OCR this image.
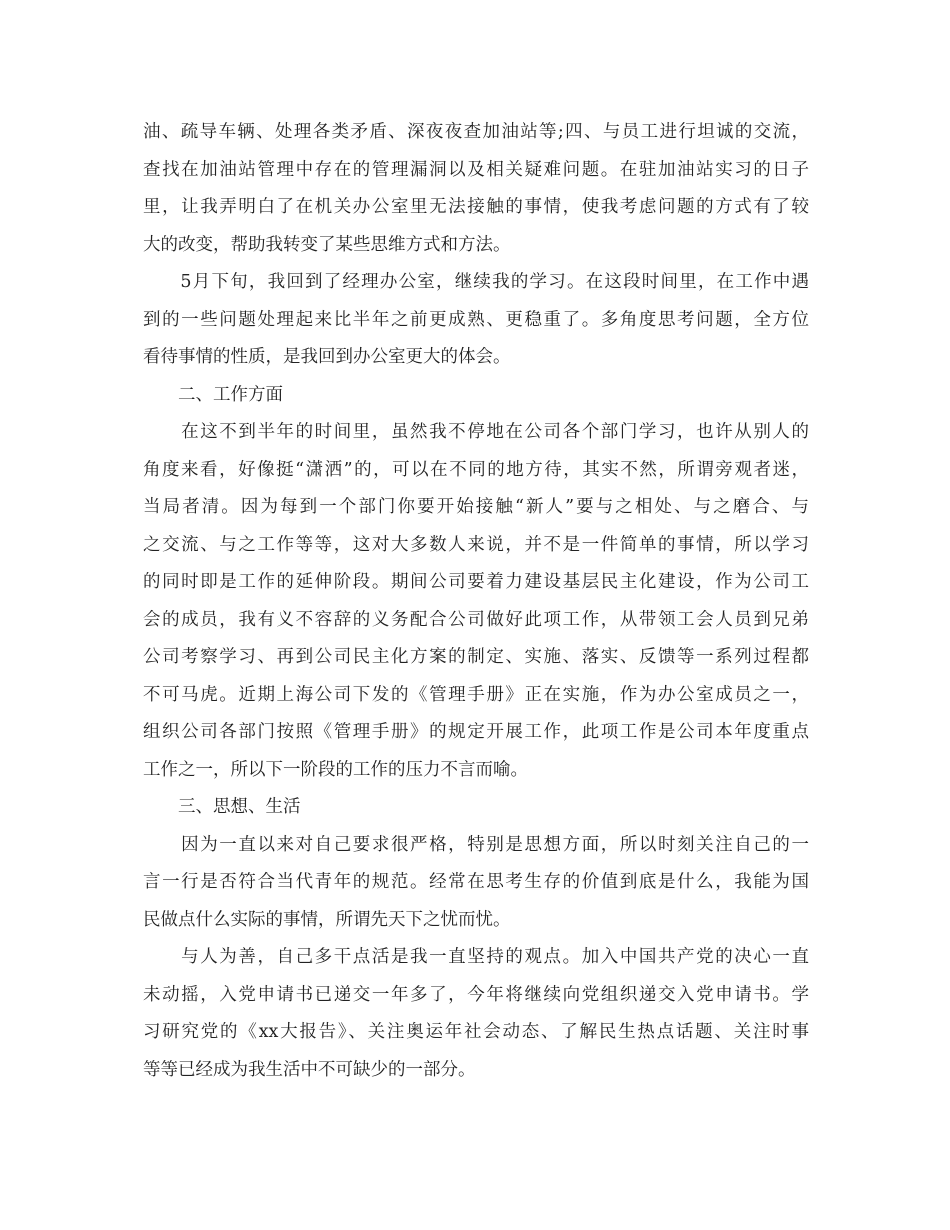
油、疏导车辆、处理各类矛盾、深夜夜查加油站等;四、与员工进行坦诚的交流，
查找在加油站管理中存在的管理漏洞以及相关疑难问题。在驻加油站实习的日子
里，让我弄明白了在机关办公室里无法接触的事情，使我考虑问题的方式有了较
大的改变，帮助我转变了某些思维方式和方法。
　　5月下旬，我回到了经理办公室，继续我的学习。在这段时间里，在工作中遇
到的一些问题处理起来比半年之前更成熟、更稳重了。多角度思考问题，全方位
看待事情的性质，是我回到办公室更大的体会。
　　二、工作方面
　　在这不到半年的时间里，虽然我不停地在公司各个部门学习，也许从别人的
角度来看，好像挺“潇洒”的，可以在不同的地方待，其实不然，所谓旁观者迷，
当局者清。因为每到一个部门你要开始接触“新人”要与之相处、与之磨合、与
之交流、与之工作等等，这对大多数人来说，并不是一件简单的事情，所以学习
的同时即是工作的延伸阶段。期间公司要着力建设基层民主化建设，作为公司工
会的成员，我有义不容辞的义务配合公司做好此项工作，从带领工会人员到兄弟
公司考察学习、再到公司民主化方案的制定、实施、落实、反馈等一系列过程都
不可马虎。近期上海公司下发的《管理手册》正在实施，作为办公室成员之一，
组织公司各部门按照《管理手册》的规定开展工作，此项工作是公司本年度重点
工作之一，所以下一阶段的工作的压力不言而喻。
　　三、思想、生活
　　因为一直以来对自己要求很严格，特别是思想方面，所以时刻关注自己的一
言一行是否符合当代青年的规范。经常在思考生存的价值到底是什么，我能为国
民做点什么实际的事情，所谓先天下之忧而忧。
　　与人为善，自己多干点活是我一直坚持的观点。加入中国共产党的决心一直
未动摇，入党申请书已递交一年多了，今年将继续向党组织递交入党申请书。学
习研究党的《xx大报告》、关注奥运年社会动态、了解民生热点话题、关注时事
等等已经成为我生活中不可缺少的一部分。
